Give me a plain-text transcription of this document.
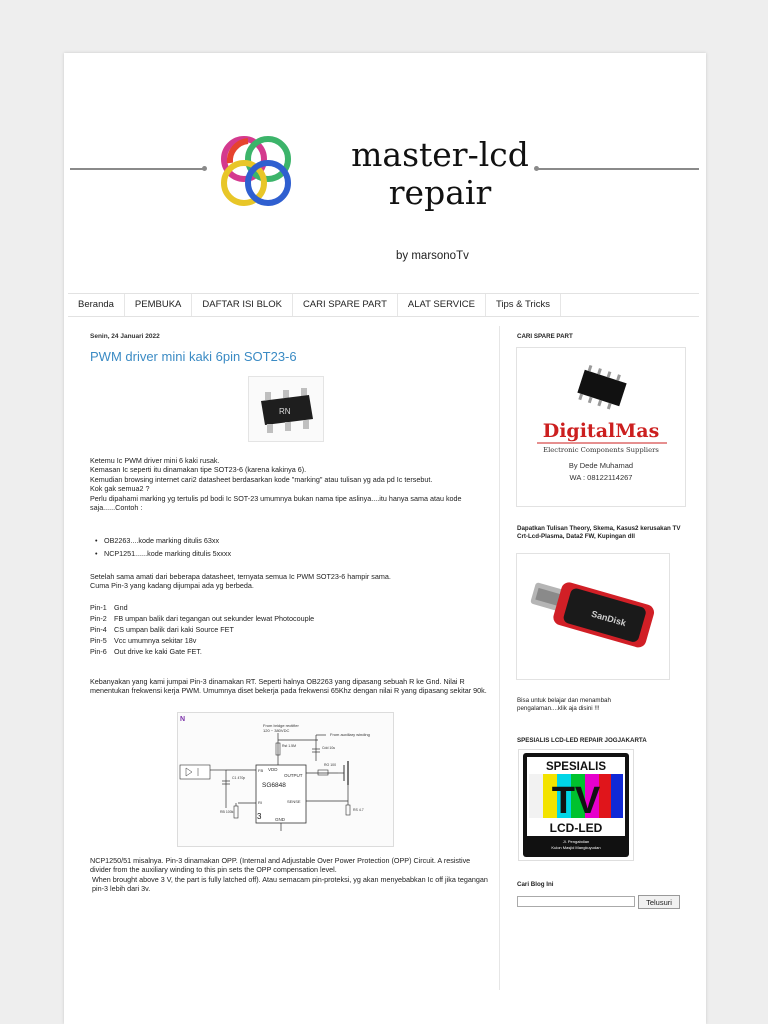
master-lcd
repair
by marsonoTv
Beranda	PEMBUKA	DAFTAR ISI BLOK	CARI SPARE PART	ALAT SERVICE	Tips & Tricks
Senin, 24 Januari 2022
PWM driver mini kaki 6pin SOT23-6
RN

Ketemu Ic PWM driver mini 6 kaki rusak.

Kemasan Ic seperti itu dinamakan tipe SOT23-6 (karena kakinya 6).

Kemudian browsing internet cari2 datasheet berdasarkan kode "marking" atau tulisan yg ada pd Ic tersebut.

Kok gak semua2 ?

Perlu dipahami marking yg tertulis pd bodi Ic SOT-23 umumnya bukan nama tipe aslinya....itu hanya sama atau kode saja......Contoh :

• OB2263....kode marking ditulis 63xx

• NCP1251......kode marking ditulis 5xxxx

Setelah sama amati dari beberapa datasheet, ternyata semua Ic PWM SOT23-6 hampir sama.

Cuma Pin-3 yang kadang dijumpai ada yg berbeda.

Pin-1
	Gnd
Pin-2
	FB umpan balik dari tegangan out sekunder lewat Photocouple
Pin-4
	CS umpan balik dari kaki Source FET
Pin-5
	Vcc umumnya sekitar 18v
Pin-6
	Out drive ke kaki Gate FET.

Kebanyakan yang kami jumpai Pin-3 dinamakan RT. Seperti halnya OB2263 yang dipasang sebuah R ke Gnd. Nilai R menentukan frekwensi kerja PWM. Umumnya diset bekerja pada frekwensi 65Khz dengan nilai R yang dipasang sekitar 90k.

N
From bridge rectifier
120 ~ 380VDC
From auxiliary winding
Rst 1.5M	Cdd 10u
VDD
OUTPUT
SG6848
SENSE
GND
FB
RI
3
C1 470p
RB 100k
RO 100
RS 4.7

NCP1250/51 misalnya. Pin-3 dinamakan OPP. (Internal and Adjustable Over Power Protection (OPP) Circuit. A resistive divider from the auxiliary winding to this pin sets the OPP compensation level.

When brought above 3 V, the part is fully latched off). Atau semacam pin-proteksi, yg akan menyebabkan Ic off jika tegangan pin-3 lebih dari 3v.

CARI SPARE PART
DigitalMas
Electronic Components Suppliers
By Dede Muhamad
WA : 08122114267
Dapatkan Tulisan Theory, Skema, Kasus2 kerusakan TV Crt-Lcd-Plasma, Data2 FW, Kupingan dll
SanDisk
Bisa untuk belajar dan menambah pengalaman....klik aja disini !!!
SPESIALIS LCD-LED REPAIR JOGJAKARTA
SPESIALIS
TV
LCD-LED
Jl. Pengabdian
Kulon Masjid Mangkuyudan
Cari Blog Ini
Telusuri
